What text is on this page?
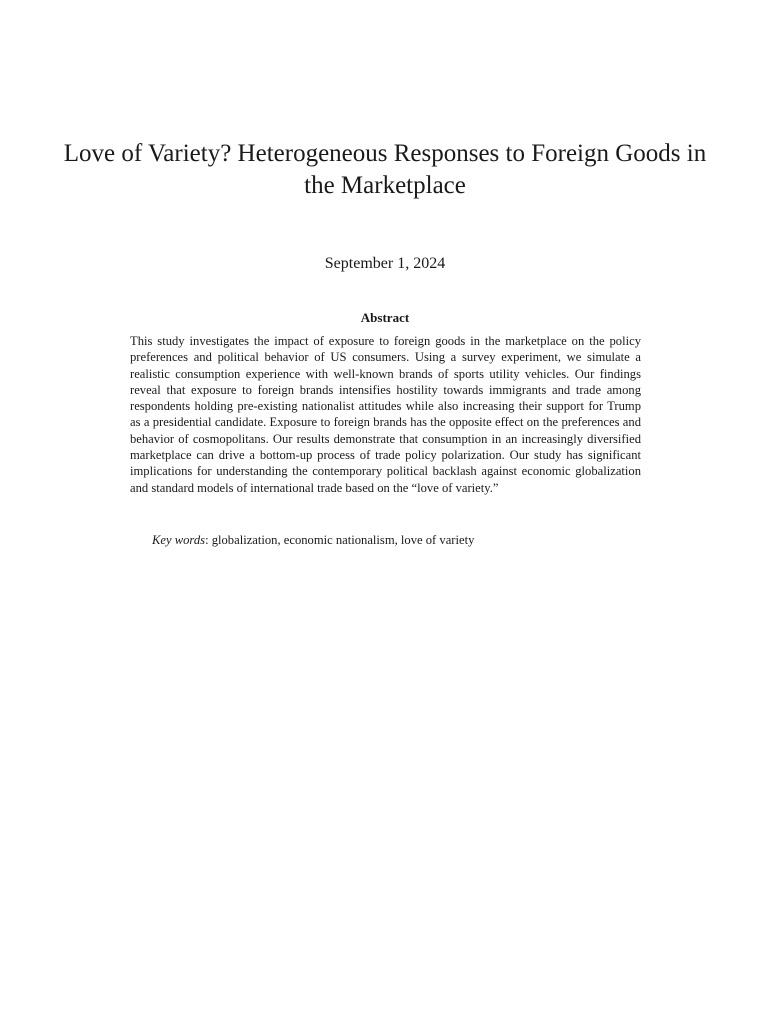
Love of Variety? Heterogeneous Responses to Foreign Goods in the Marketplace

September 1, 2024

Abstract

This study investigates the impact of exposure to foreign goods in the marketplace on the policy preferences and political behavior of US consumers. Using a survey experiment, we simulate a realistic consumption experience with well-known brands of sports utility vehicles. Our findings reveal that exposure to foreign brands intensifies hostility towards immigrants and trade among respondents holding pre-existing nationalist attitudes while also increasing their support for Trump as a presidential candidate. Exposure to foreign brands has the opposite effect on the preferences and behavior of cosmopolitans. Our results demonstrate that consumption in an increasingly diversified marketplace can drive a bottom-up process of trade policy polarization. Our study has significant implications for understanding the contemporary political backlash against economic globalization and standard models of international trade based on the “love of variety.”

Key words: globalization, economic nationalism, love of variety
